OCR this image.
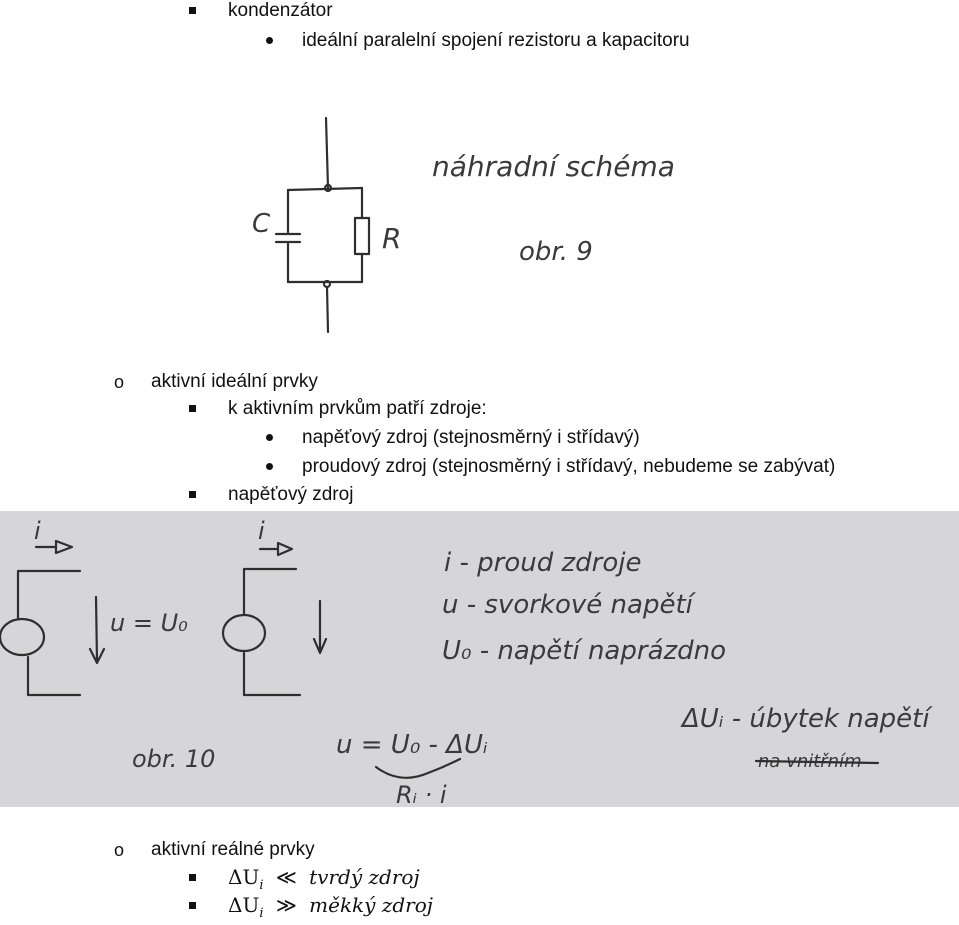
kondenzátor
ideální paralelní spojení rezistoru a kapacitoru
C	R
náhradní schéma
obr. 9
o aktivní ideální prvky
k aktivním prvkům patří zdroje:
napěťový zdroj (stejnosměrný i střídavý)
proudový zdroj (stejnosměrný i střídavý, nebudeme se zabývat)
napěťový zdroj
i
u = U₀
i
i - proud zdroje
u - svorkové napětí
U₀ - napětí naprázdno
ΔUᵢ - úbytek napětí
na vnitřním
u = U₀ - ΔUᵢ
Rᵢ · i
obr. 10
o aktivní reálné prvky
$\Delta U_i$ ≪ tvrdý zdroj
$\Delta U_i$ ≫ měkký zdroj
